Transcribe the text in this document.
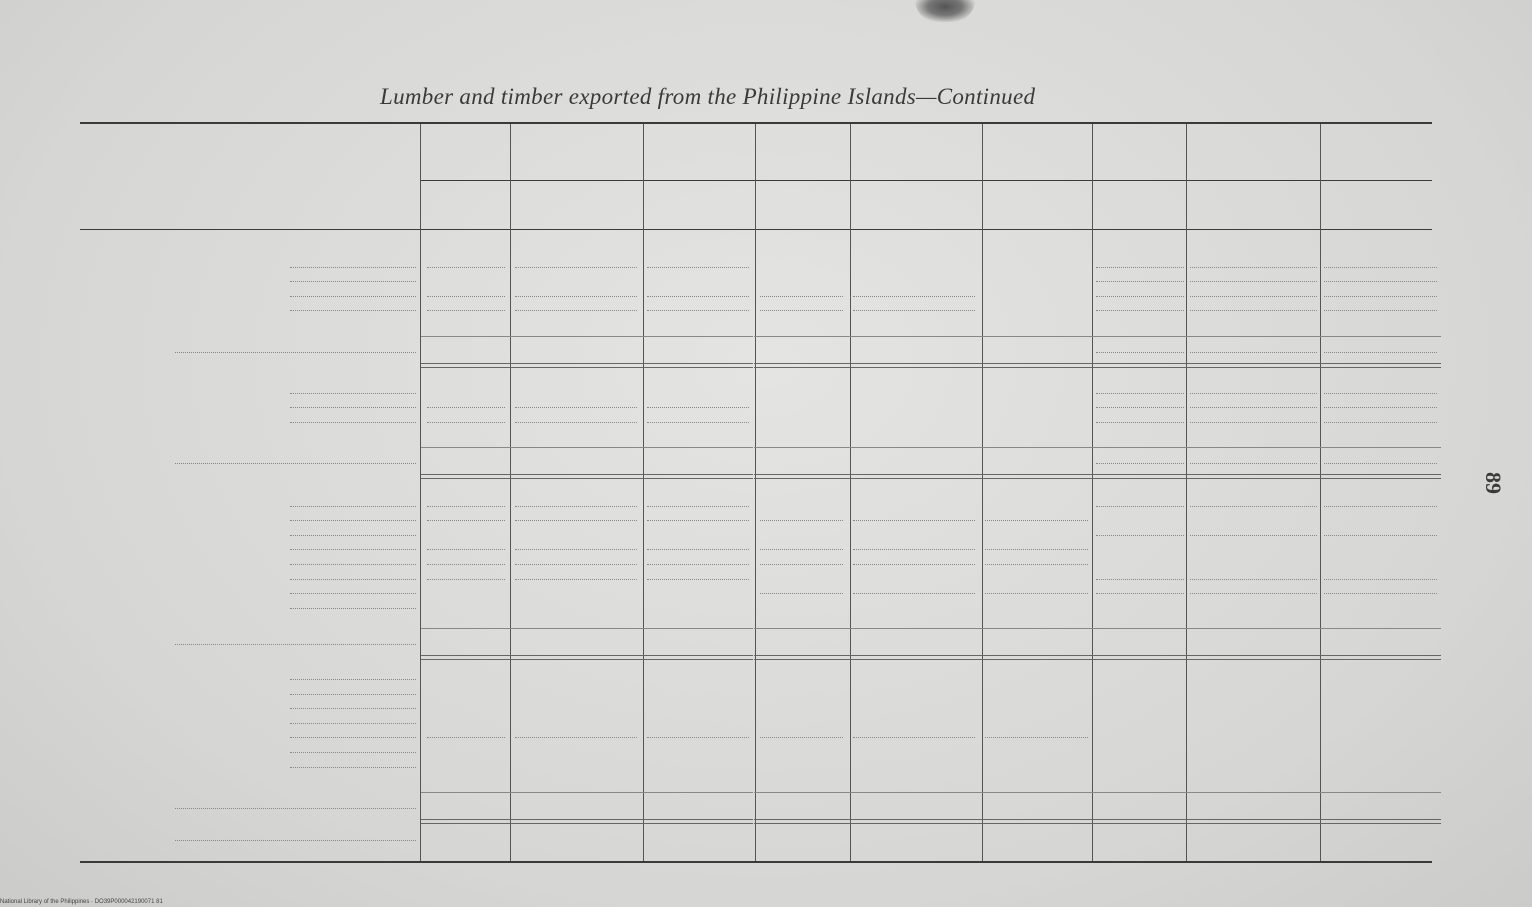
Lumber and timber exported from the Philippine Islands—Continued
89
National Library of the Philippines · DO39P000042190071 81
